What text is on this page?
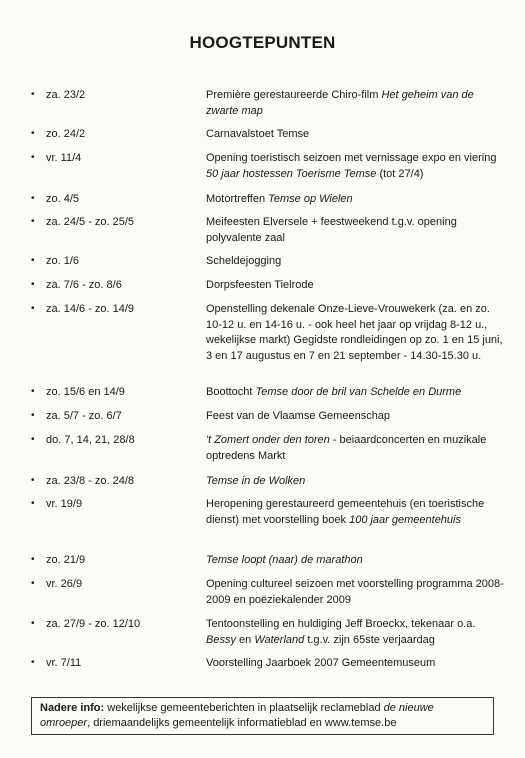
HOOGTEPUNTEN
• za. 23/2	Première gerestaureerde Chiro-film Het geheim van de zwarte map
• zo. 24/2	Carnavalstoet Temse
• vr. 11/4	Opening toeristisch seizoen met vernissage expo en viering 50 jaar hostessen Toerisme Temse (tot 27/4)
• zo. 4/5	Motortreffen Temse op Wielen
• za. 24/5 - zo. 25/5	Meifeesten Elversele + feestweekend t.g.v. opening polyvalente zaal
• zo. 1/6	Scheldejogging
• za. 7/6 - zo. 8/6	Dorpsfeesten Tielrode
• za. 14/6 - zo. 14/9	Openstelling dekenale Onze-Lieve-Vrouwekerk (za. en zo. 10-12 u. en 14-16 u. - ook heel het jaar op vrijdag 8-12 u., wekelijkse markt) Gegidste rondleidingen op zo. 1 en 15 juni, 3 en 17 augustus en 7 en 21 september - 14.30-15.30 u.
• zo. 15/6 en 14/9	Boottocht Temse door de bril van Schelde en Durme
• za. 5/7 - zo. 6/7	Feest van de Vlaamse Gemeenschap
• do. 7, 14, 21, 28/8	't Zomert onder den toren - beiaardconcerten en muzikale optredens Markt
• za. 23/8 - zo. 24/8	Temse in de Wolken
• vr. 19/9	Heropening gerestaureerd gemeentehuis (en toeristische dienst) met voorstelling boek 100 jaar gemeentehuis
• zo. 21/9	Temse loopt (naar) de marathon
• vr. 26/9	Opening cultureel seizoen met voorstelling programma 2008-2009 en poëziekalender 2009
• za. 27/9 - zo. 12/10	Tentoonstelling en huldiging Jeff Broeckx, tekenaar o.a. Bessy en Waterland t.g.v. zijn 65ste verjaardag
• vr. 7/11	Voorstelling Jaarboek 2007 Gemeentemuseum
Nadere info: wekelijkse gemeenteberichten in plaatselijk reclameblad de nieuwe omroeper, driemaandelijks gemeentelijk informatieblad en www.temse.be
